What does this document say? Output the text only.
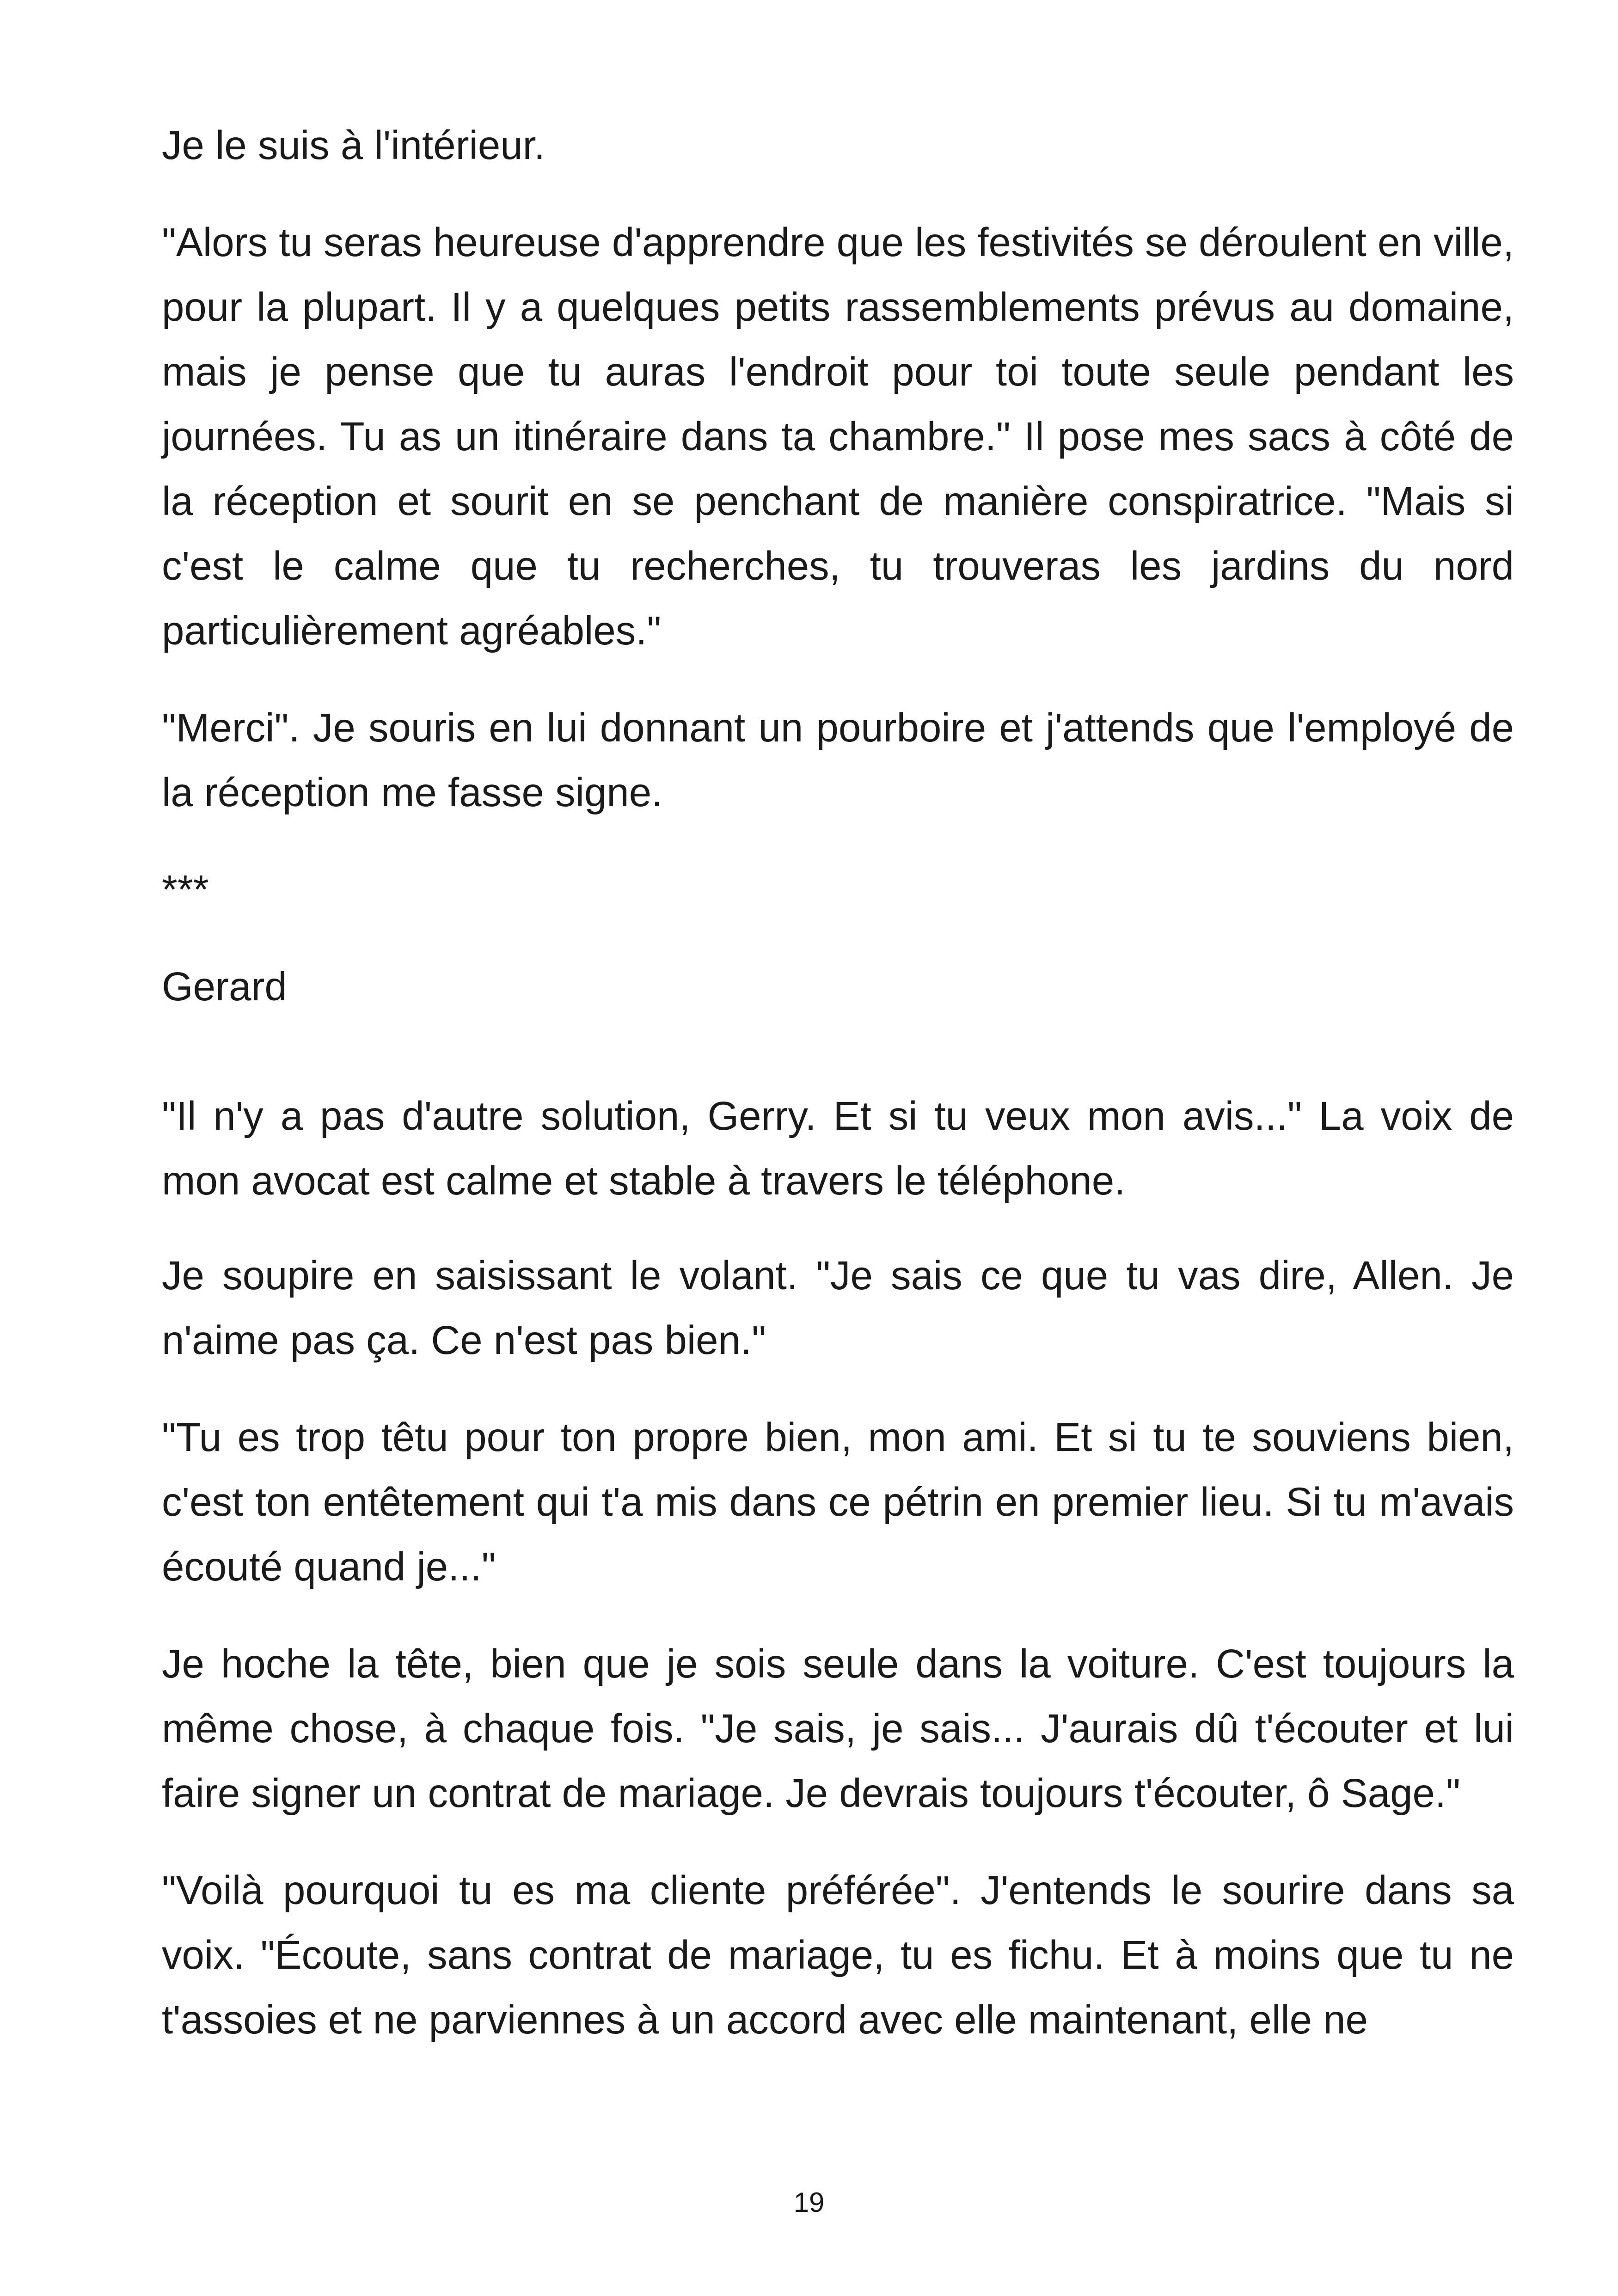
Je le suis à l'intérieur.

"Alors tu seras heureuse d'apprendre que les festivités se déroulent en ville, pour la plupart. Il y a quelques petits rassemblements prévus au domaine, mais je pense que tu auras l'endroit pour toi toute seule pendant les journées. Tu as un itinéraire dans ta chambre." Il pose mes sacs à côté de la réception et sourit en se penchant de manière conspiratrice. "Mais si c'est le calme que tu recherches, tu trouveras les jardins du nord particulièrement agréables."

"Merci". Je souris en lui donnant un pourboire et j'attends que l'employé de la réception me fasse signe.

***

Gerard

"Il n'y a pas d'autre solution, Gerry. Et si tu veux mon avis..." La voix de mon avocat est calme et stable à travers le téléphone.

Je soupire en saisissant le volant. "Je sais ce que tu vas dire, Allen. Je n'aime pas ça. Ce n'est pas bien."

"Tu es trop têtu pour ton propre bien, mon ami. Et si tu te souviens bien, c'est ton entêtement qui t'a mis dans ce pétrin en premier lieu. Si tu m'avais écouté quand je..."

Je hoche la tête, bien que je sois seule dans la voiture. C'est toujours la même chose, à chaque fois. "Je sais, je sais... J'aurais dû t'écouter et lui faire signer un contrat de mariage. Je devrais toujours t'écouter, ô Sage."

"Voilà pourquoi tu es ma cliente préférée". J'entends le sourire dans sa voix. "Écoute, sans contrat de mariage, tu es fichu. Et à moins que tu ne t'assoies et ne parviennes à un accord avec elle maintenant, elle ne

19
